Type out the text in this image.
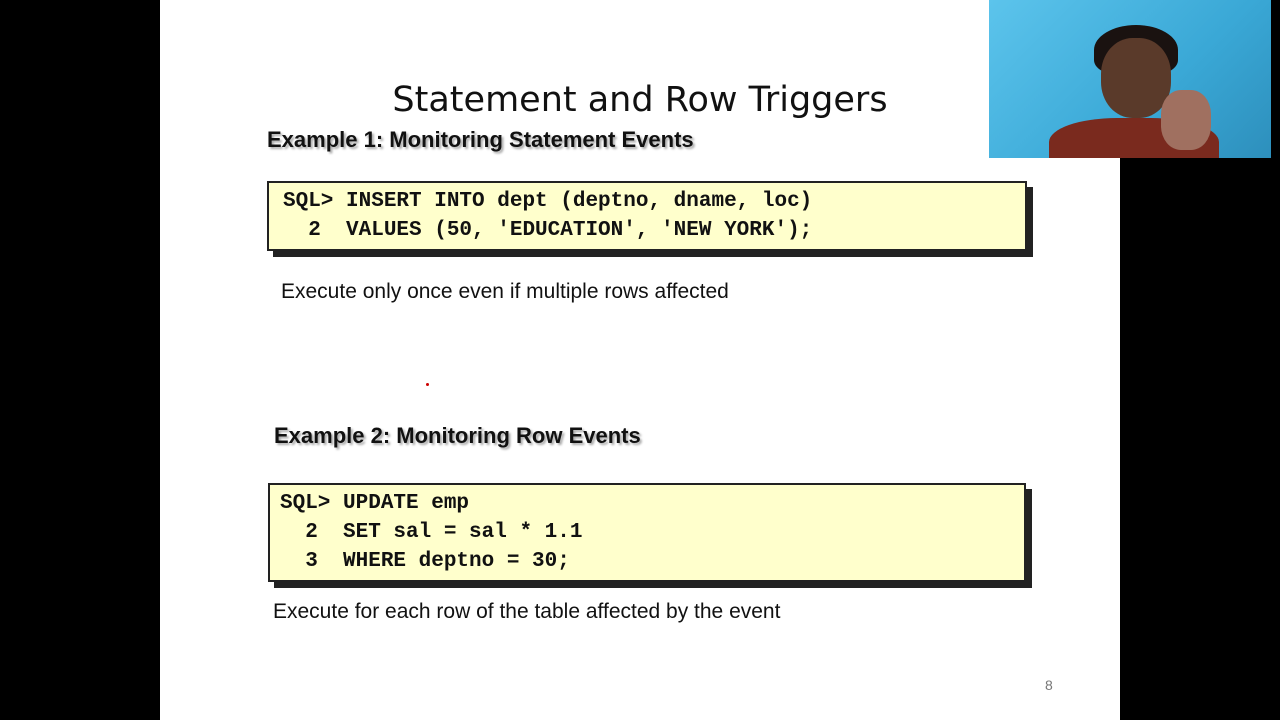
Statement and Row Triggers
Example 1: Monitoring Statement Events
SQL> INSERT INTO dept (deptno, dname, loc)
2  VALUES (50, 'EDUCATION', 'NEW YORK');
Execute only once even if multiple rows affected
Example 2: Monitoring Row Events
SQL> UPDATE emp
2  SET sal = sal * 1.1
3  WHERE deptno = 30;
Execute for each row of the table affected by the event
8
